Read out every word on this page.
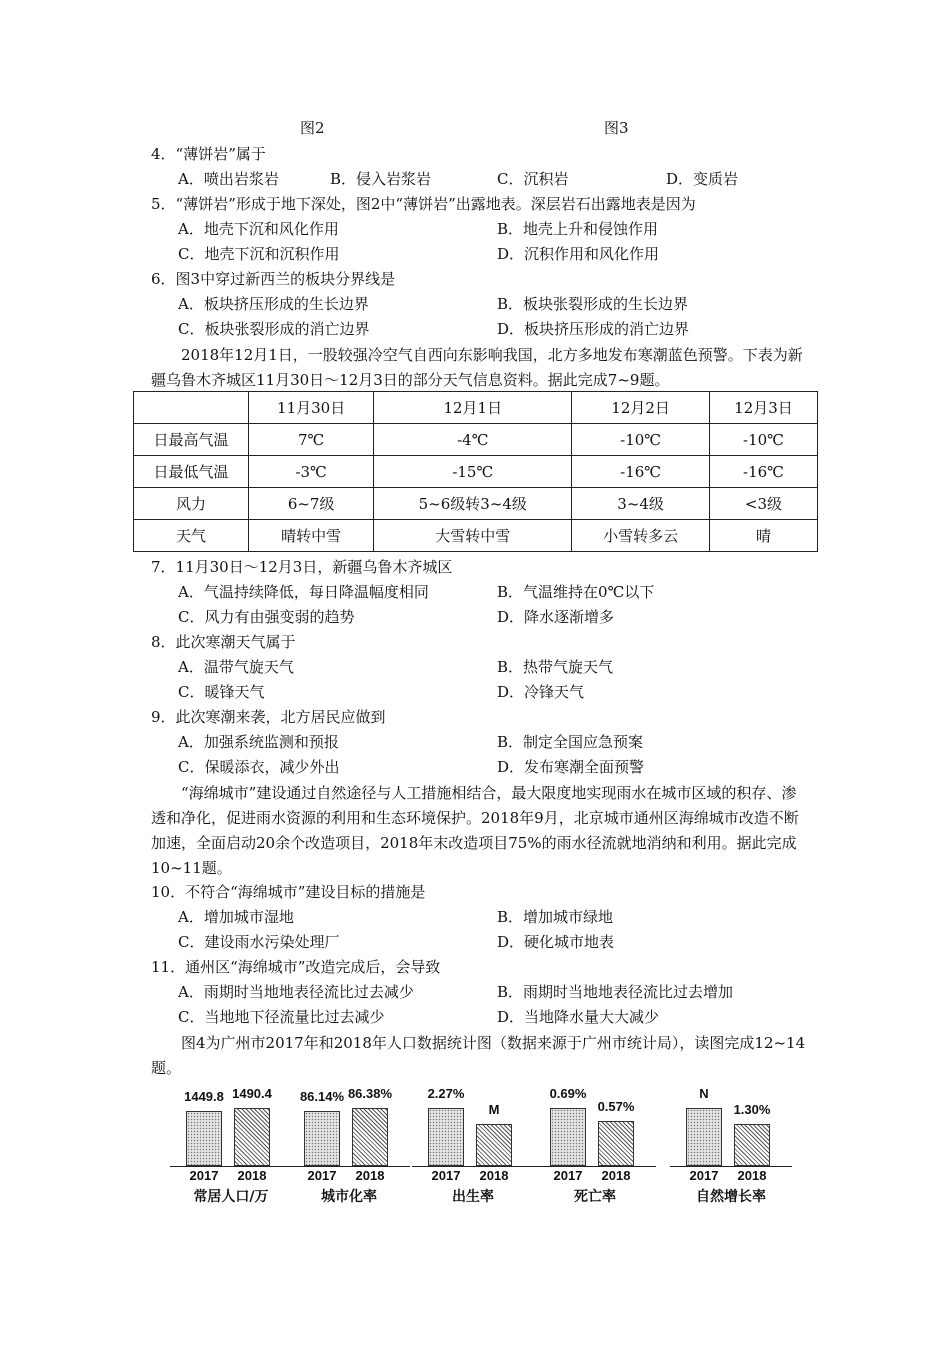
图2	图3
4．“薄饼岩”属于
A．喷出岩浆岩	B．侵入岩浆岩	C．沉积岩	D．变质岩
5．“薄饼岩”形成于地下深处，图2中“薄饼岩”出露地表。深层岩石出露地表是因为
A．地壳下沉和风化作用	B．地壳上升和侵蚀作用
C．地壳下沉和沉积作用	D．沉积作用和风化作用
6．图3中穿过新西兰的板块分界线是
A．板块挤压形成的生长边界	B．板块张裂形成的生长边界
C．板块张裂形成的消亡边界	D．板块挤压形成的消亡边界
2018年12月1日，一股较强冷空气自西向东影响我国，北方多地发布寒潮蓝色预警。下表为新疆乌鲁木齐城区11月30日～12月3日的部分天气信息资料。据此完成7~9题。
	11月30日	12月1日	12月2日	12月3日
日最高气温	7℃	-4℃	-10℃	-10℃
日最低气温	-3℃	-15℃	-16℃	-16℃
风力	6~7级	5~6级转3~4级	3~4级	<3级
天气	晴转中雪	大雪转中雪	小雪转多云	晴
7．11月30日～12月3日，新疆乌鲁木齐城区
A．气温持续降低，每日降温幅度相同	B．气温维持在0℃以下
C．风力有由强变弱的趋势	D．降水逐渐增多
8．此次寒潮天气属于
A．温带气旋天气	B．热带气旋天气
C．暖锋天气	D．冷锋天气
9．此次寒潮来袭，北方居民应做到
A．加强系统监测和预报	B．制定全国应急预案
C．保暖添衣，减少外出	D．发布寒潮全面预警
“海绵城市”建设通过自然途径与人工措施相结合，最大限度地实现雨水在城市区域的积存、渗透和净化，促进雨水资源的利用和生态环境保护。2018年9月，北京城市通州区海绵城市改造不断加速，全面启动20余个改造项目，2018年末改造项目75%的雨水径流就地消纳和利用。据此完成10~11题。
10．不符合“海绵城市”建设目标的措施是
A．增加城市湿地	B．增加城市绿地
C．建设雨水污染处理厂	D．硬化城市地表
11．通州区“海绵城市”改造完成后，会导致
A．雨期时当地地表径流比过去减少	B．雨期时当地地表径流比过去增加
C．当地地下径流量比过去减少	D．当地降水量大大减少
图4为广州市2017年和2018年人口数据统计图（数据来源于广州市统计局），读图完成12~14题。
1449.8 1490.4
2017	2018
常居人口/万
86.14% 86.38%
2017	2018
城市化率
2.27%
M
2017	2018
出生率
0.69%
0.57%
2017	2018
死亡率
N
1.30%
2017	2018
自然增长率
